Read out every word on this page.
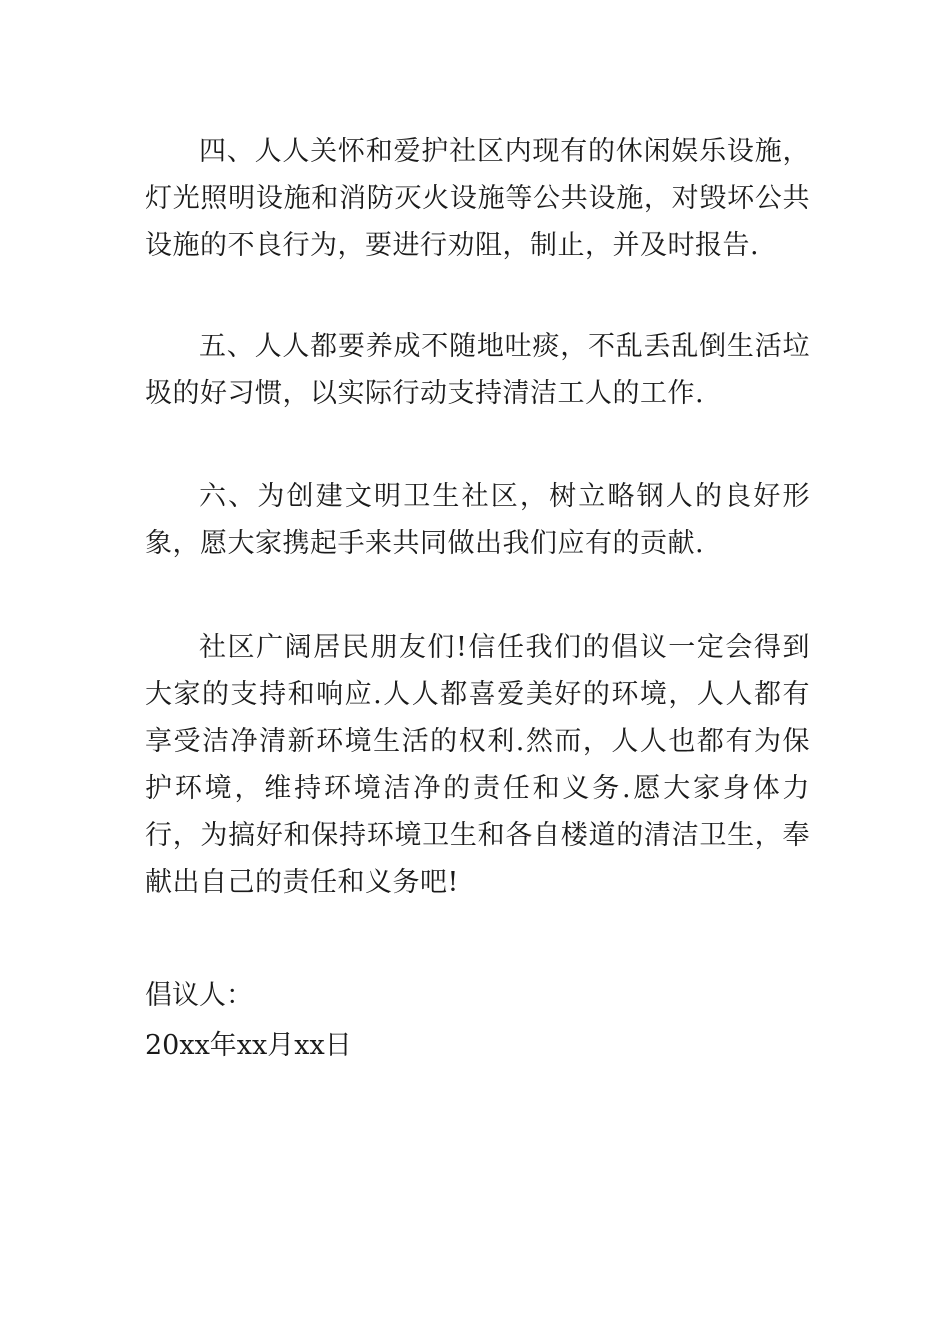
四、人人关怀和爱护社区内现有的休闲娱乐设施，灯光照明设施和消防灭火设施等公共设施，对毁坏公共设施的不良行为，要进行劝阻，制止，并及时报告.

五、人人都要养成不随地吐痰，不乱丢乱倒生活垃圾的好习惯，以实际行动支持清洁工人的工作.

六、为创建文明卫生社区，树立略钢人的良好形象，愿大家携起手来共同做出我们应有的贡献.

社区广阔居民朋友们!信任我们的倡议一定会得到大家的支持和响应.人人都喜爱美好的环境，人人都有享受洁净清新环境生活的权利.然而，人人也都有为保护环境，维持环境洁净的责任和义务.愿大家身体力行，为搞好和保持环境卫生和各自楼道的清洁卫生，奉献出自己的责任和义务吧!

倡议人：

20xx年xx月xx日
